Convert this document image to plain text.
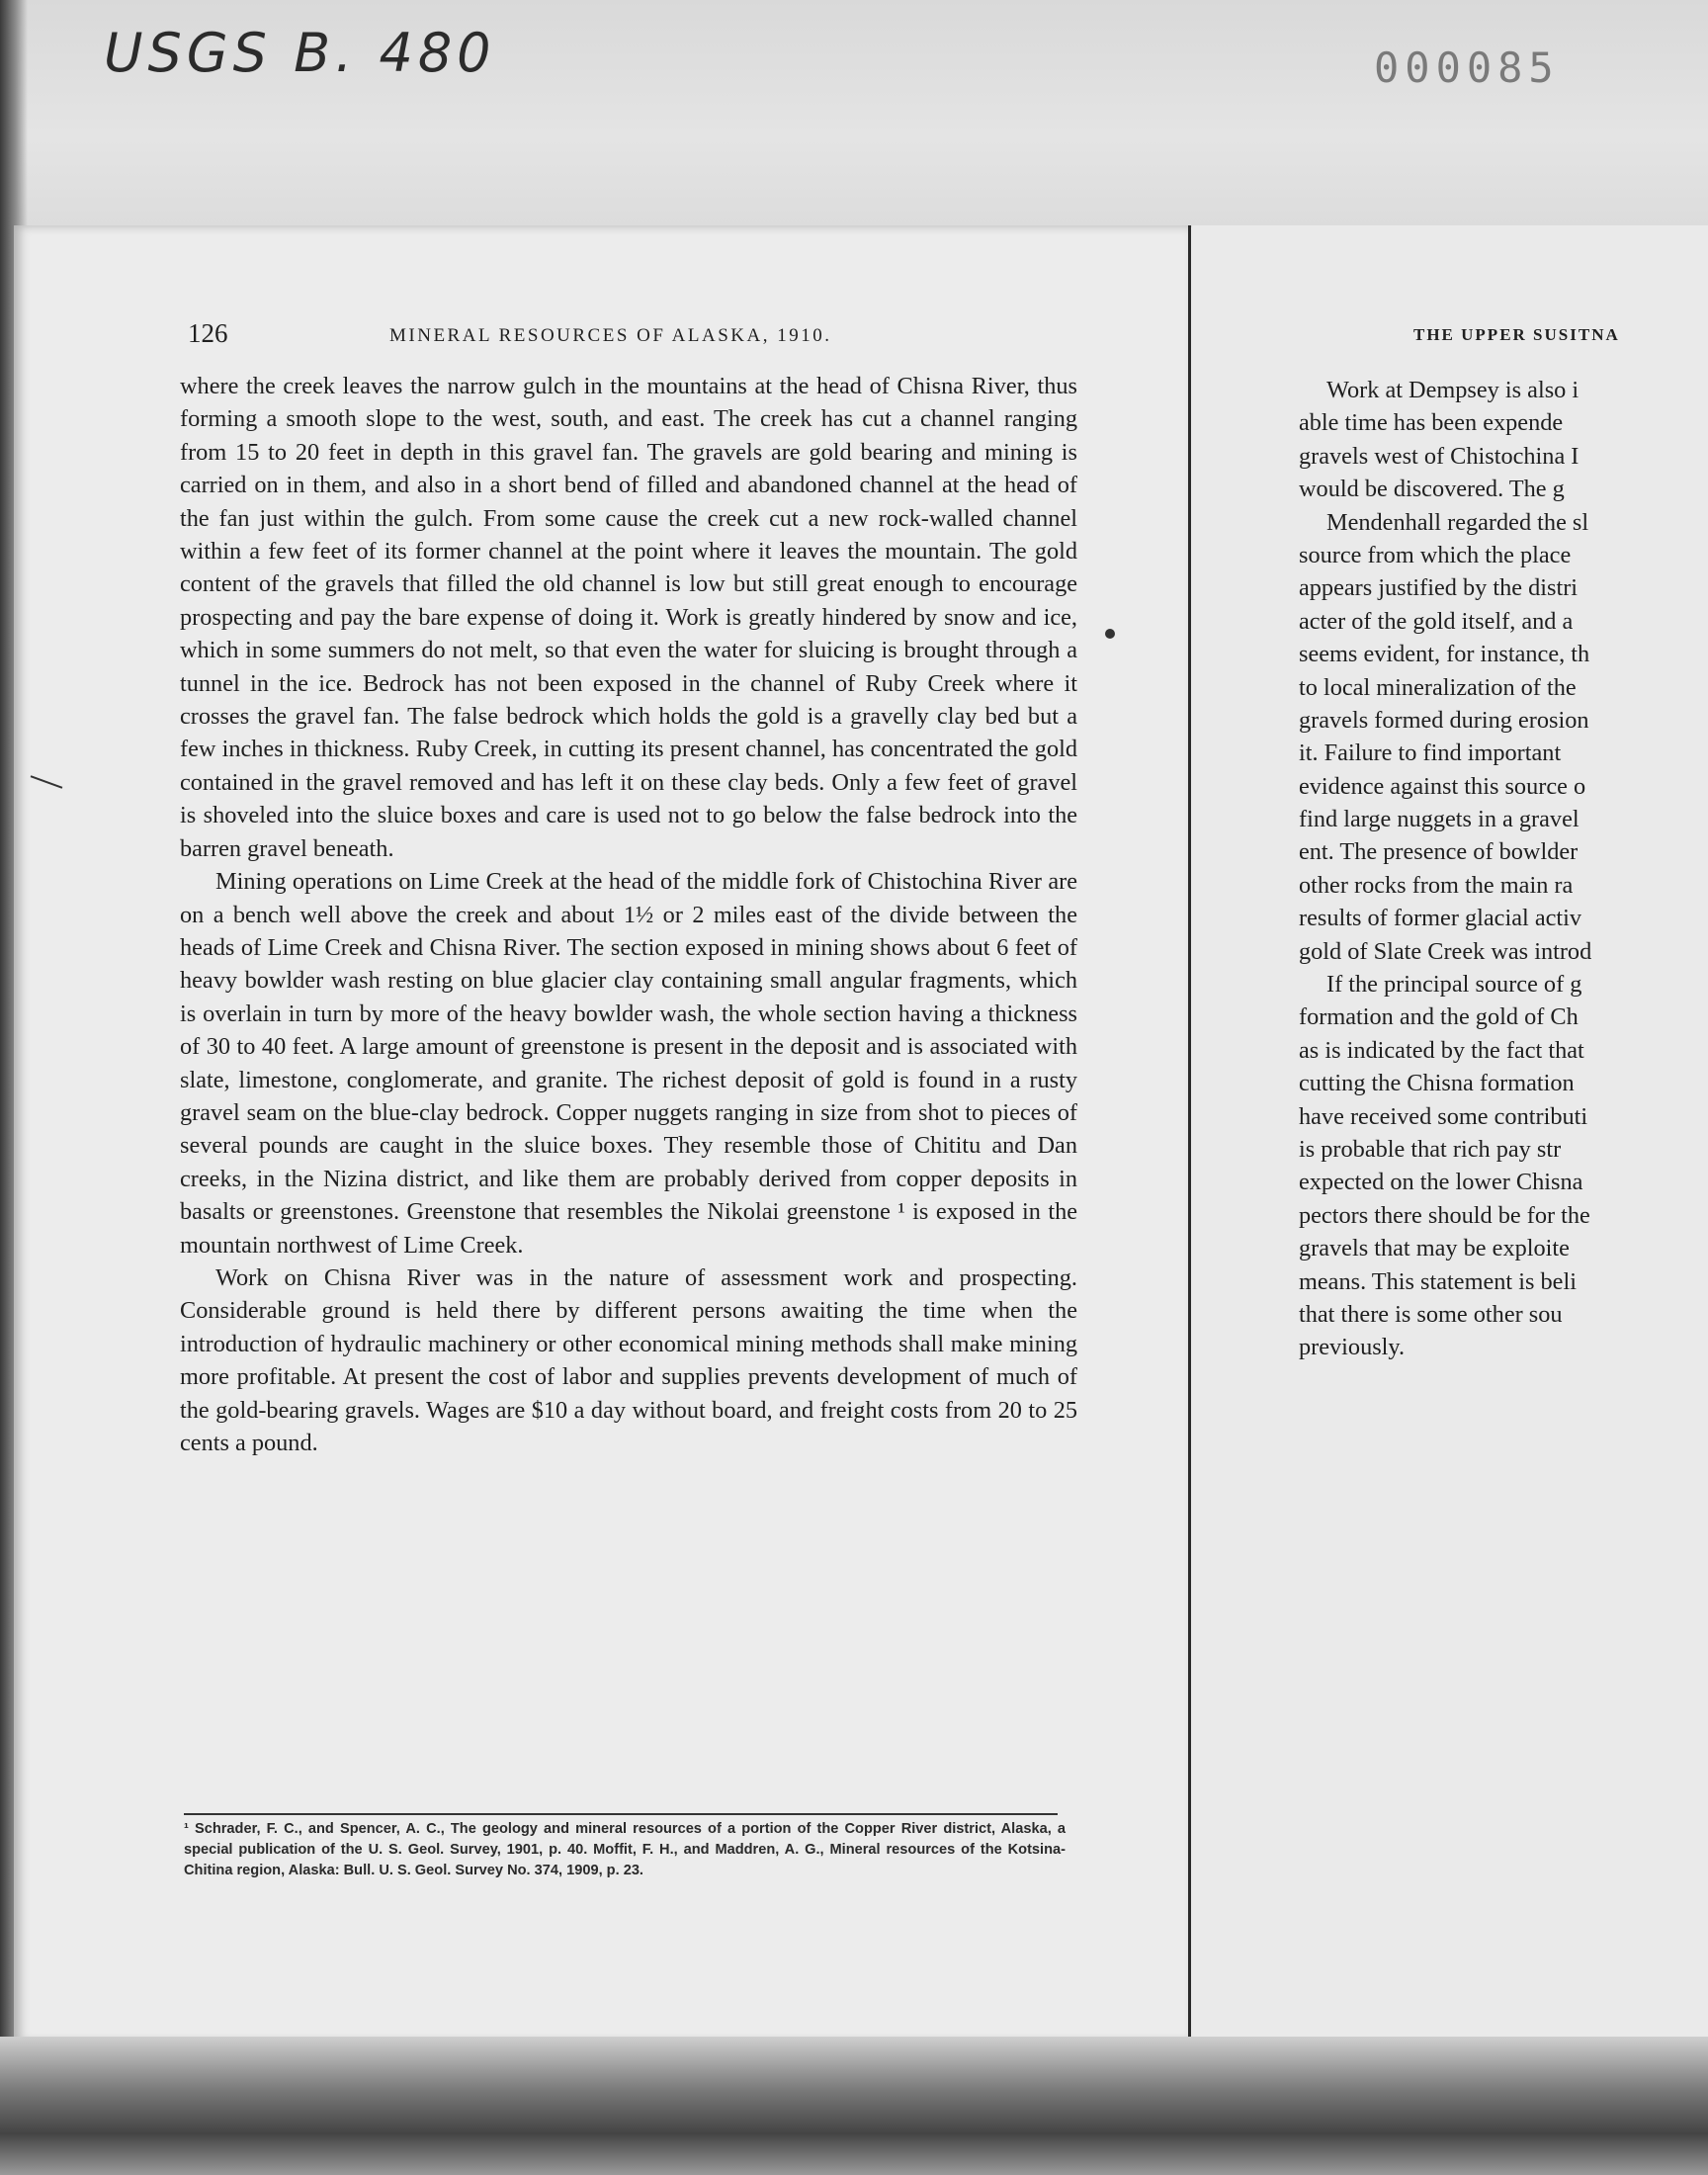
USGS B. 480	000085
126	MINERAL RESOURCES OF ALASKA, 1910.

where the creek leaves the narrow gulch in the mountains at the head of Chisna River, thus forming a smooth slope to the west, south, and east. The creek has cut a channel ranging from 15 to 20 feet in depth in this gravel fan. The gravels are gold bearing and mining is carried on in them, and also in a short bend of filled and abandoned channel at the head of the fan just within the gulch. From some cause the creek cut a new rock-walled channel within a few feet of its former channel at the point where it leaves the mountain. The gold content of the gravels that filled the old channel is low but still great enough to encourage prospecting and pay the bare expense of doing it. Work is greatly hindered by snow and ice, which in some summers do not melt, so that even the water for sluicing is brought through a tunnel in the ice. Bedrock has not been exposed in the channel of Ruby Creek where it crosses the gravel fan. The false bedrock which holds the gold is a gravelly clay bed but a few inches in thickness. Ruby Creek, in cutting its present channel, has concentrated the gold contained in the gravel removed and has left it on these clay beds. Only a few feet of gravel is shoveled into the sluice boxes and care is used not to go below the false bedrock into the barren gravel beneath.

Mining operations on Lime Creek at the head of the middle fork of Chistochina River are on a bench well above the creek and about 1½ or 2 miles east of the divide between the heads of Lime Creek and Chisna River. The section exposed in mining shows about 6 feet of heavy bowlder wash resting on blue glacier clay containing small angular fragments, which is overlain in turn by more of the heavy bowlder wash, the whole section having a thickness of 30 to 40 feet. A large amount of greenstone is present in the deposit and is associated with slate, limestone, conglomerate, and granite. The richest deposit of gold is found in a rusty gravel seam on the blue-clay bedrock. Copper nuggets ranging in size from shot to pieces of several pounds are caught in the sluice boxes. They resemble those of Chititu and Dan creeks, in the Nizina district, and like them are probably derived from copper deposits in basalts or greenstones. Greenstone that resembles the Nikolai greenstone ¹ is exposed in the mountain northwest of Lime Creek.

Work on Chisna River was in the nature of assessment work and prospecting. Considerable ground is held there by different persons awaiting the time when the introduction of hydraulic machinery or other economical mining methods shall make mining more profitable. At present the cost of labor and supplies prevents development of much of the gold-bearing gravels. Wages are $10 a day without board, and freight costs from 20 to 25 cents a pound.

¹ Schrader, F. C., and Spencer, A. C., The geology and mineral resources of a portion of the Copper River district, Alaska, a special publication of the U. S. Geol. Survey, 1901, p. 40. Moffit, F. H., and Maddren, A. G., Mineral resources of the Kotsina-Chitina region, Alaska: Bull. U. S. Geol. Survey No. 374, 1909, p. 23.
THE UPPER SUSITNA
Work at Dempsey is also i
able time has been expende
gravels west of Chistochina I
would be discovered. The g
Mendenhall regarded the sl
source from which the place
appears justified by the distri
acter of the gold itself, and a
seems evident, for instance, th
to local mineralization of the
gravels formed during erosion
it. Failure to find important
evidence against this source o
find large nuggets in a gravel
ent. The presence of bowlder
other rocks from the main ra
results of former glacial activ
gold of Slate Creek was introd
If the principal source of g
formation and the gold of Ch
as is indicated by the fact that
cutting the Chisna formation
have received some contributi
is probable that rich pay str
expected on the lower Chisna
pectors there should be for the
gravels that may be exploite
means. This statement is beli
that there is some other sou
previously.
